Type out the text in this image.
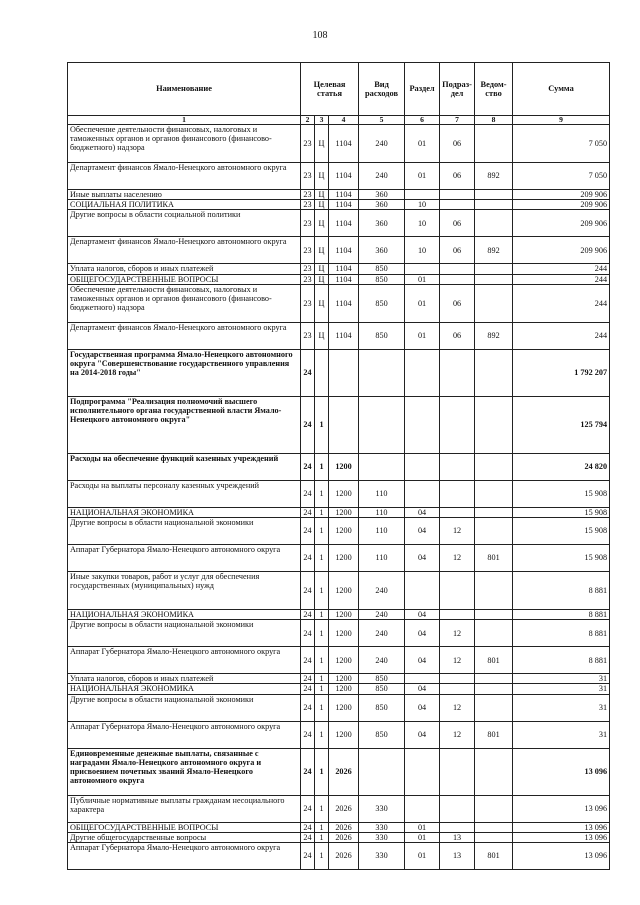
108
Наименование	Целевая статья			Вид расходов	Раздел	Подраз-дел	Ведом-ство	Сумма
1	2	3	4	5	6	7	8	9
Обеспечение деятельности финансовых, налоговых и таможенных органов и органов финансового (финансово-бюджетного) надзора	23	Ц	1104	240	01	06		7 050
Департамент финансов Ямало-Ненецкого автономного округа	23	Ц	1104	240	01	06	892	7 050
Иные выплаты населению	23	Ц	1104	360				209 906
СОЦИАЛЬНАЯ ПОЛИТИКА	23	Ц	1104	360	10			209 906
Другие вопросы в области социальной политики	23	Ц	1104	360	10	06		209 906
Департамент финансов Ямало-Ненецкого автономного округа	23	Ц	1104	360	10	06	892	209 906
Уплата налогов, сборов и иных платежей	23	Ц	1104	850				244
ОБЩЕГОСУДАРСТВЕННЫЕ ВОПРОСЫ	23	Ц	1104	850	01			244
Обеспечение деятельности финансовых, налоговых и таможенных органов и органов финансового (финансово-бюджетного) надзора	23	Ц	1104	850	01	06		244
Департамент финансов Ямало-Ненецкого автономного округа	23	Ц	1104	850	01	06	892	244
Государственная программа Ямало-Ненецкого автономного округа "Совершенствование государственного управления на 2014-2018 годы"	24							1 792 207
Подпрограмма "Реализация полномочий высшего исполнительного органа государственной власти Ямало-Ненецкого автономного округа"	24	1						125 794
Расходы на обеспечение функций казенных учреждений	24	1	1200					24 820
Расходы на выплаты персоналу казенных учреждений	24	1	1200	110				15 908
НАЦИОНАЛЬНАЯ ЭКОНОМИКА	24	1	1200	110	04			15 908
Другие вопросы в области национальной экономики	24	1	1200	110	04	12		15 908
Аппарат Губернатора Ямало-Ненецкого автономного округа	24	1	1200	110	04	12	801	15 908
Иные закупки товаров, работ и услуг для обеспечения государственных (муниципальных) нужд	24	1	1200	240				8 881
НАЦИОНАЛЬНАЯ ЭКОНОМИКА	24	1	1200	240	04			8 881
Другие вопросы в области национальной экономики	24	1	1200	240	04	12		8 881
Аппарат Губернатора Ямало-Ненецкого автономного округа	24	1	1200	240	04	12	801	8 881
Уплата налогов, сборов и иных платежей	24	1	1200	850				31
НАЦИОНАЛЬНАЯ ЭКОНОМИКА	24	1	1200	850	04			31
Другие вопросы в области национальной экономики	24	1	1200	850	04	12		31
Аппарат Губернатора Ямало-Ненецкого автономного округа	24	1	1200	850	04	12	801	31
Единовременные денежные выплаты, связанные с наградами Ямало-Ненецкого автономного округа и присвоением почетных званий Ямало-Ненецкого автономного округа	24	1	2026					13 096
Публичные нормативные выплаты гражданам несоциального характера	24	1	2026	330				13 096
ОБЩЕГОСУДАРСТВЕННЫЕ ВОПРОСЫ	24	1	2026	330	01			13 096
Другие общегосударственные вопросы	24	1	2026	330	01	13		13 096
Аппарат Губернатора Ямало-Ненецкого автономного округа	24	1	2026	330	01	13	801	13 096
